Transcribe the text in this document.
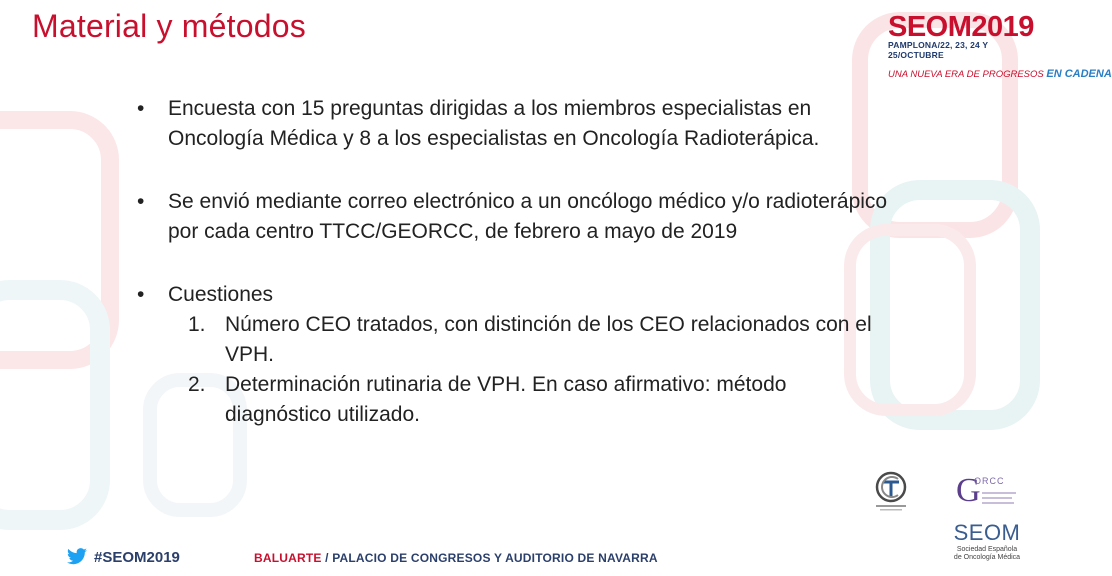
Material y métodos
• Encuesta con 15 preguntas dirigidas a los miembros especialistas en Oncología Médica y 8 a los especialistas en Oncología Radioterápica.
• Se envió mediante correo electrónico a un oncólogo médico y/o radioterápico por cada centro TTCC/GEORCC, de febrero a mayo de 2019
• Cuestiones
1. Número CEO tratados, con distinción de los CEO relacionados con el VPH.
2. Determinación rutinaria de VPH. En caso afirmativo: método diagnóstico utilizado.
SEOM2019
PAMPLONA/22, 23, 24 Y 25/OCTUBRE
UNA NUEVA ERA DE PROGRESOS EN CADENA
G
ORCC
SEOM
Sociedad Española
de Oncología Médica
#SEOM2019	BALUARTE / PALACIO DE CONGRESOS Y AUDITORIO DE NAVARRA
